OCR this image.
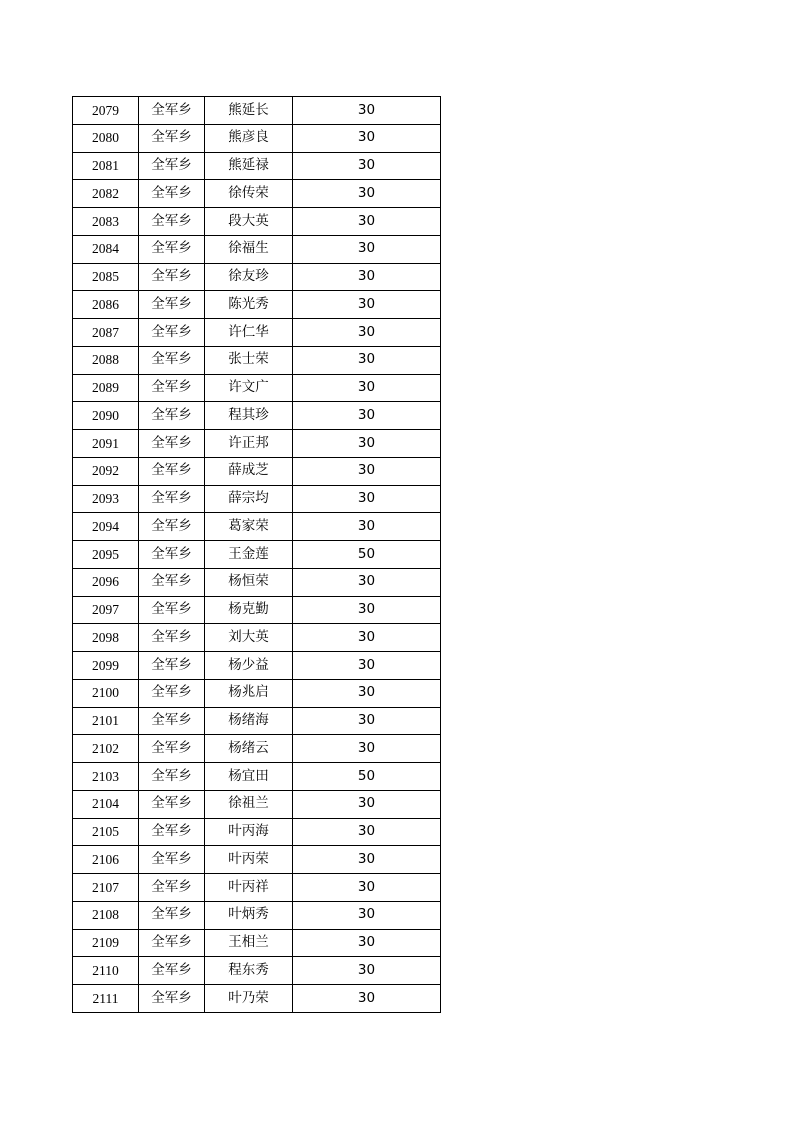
2079	全军乡	熊延长	30
2080	全军乡	熊彦良	30
2081	全军乡	熊延禄	30
2082	全军乡	徐传荣	30
2083	全军乡	段大英	30
2084	全军乡	徐福生	30
2085	全军乡	徐友珍	30
2086	全军乡	陈光秀	30
2087	全军乡	许仁华	30
2088	全军乡	张士荣	30
2089	全军乡	许文广	30
2090	全军乡	程其珍	30
2091	全军乡	许正邦	30
2092	全军乡	薛成芝	30
2093	全军乡	薛宗均	30
2094	全军乡	葛家荣	30
2095	全军乡	王金莲	50
2096	全军乡	杨恒荣	30
2097	全军乡	杨克勤	30
2098	全军乡	刘大英	30
2099	全军乡	杨少益	30
2100	全军乡	杨兆启	30
2101	全军乡	杨绪海	30
2102	全军乡	杨绪云	30
2103	全军乡	杨宜田	50
2104	全军乡	徐祖兰	30
2105	全军乡	叶丙海	30
2106	全军乡	叶丙荣	30
2107	全军乡	叶丙祥	30
2108	全军乡	叶炳秀	30
2109	全军乡	王相兰	30
2110	全军乡	程东秀	30
2111	全军乡	叶乃荣	30
